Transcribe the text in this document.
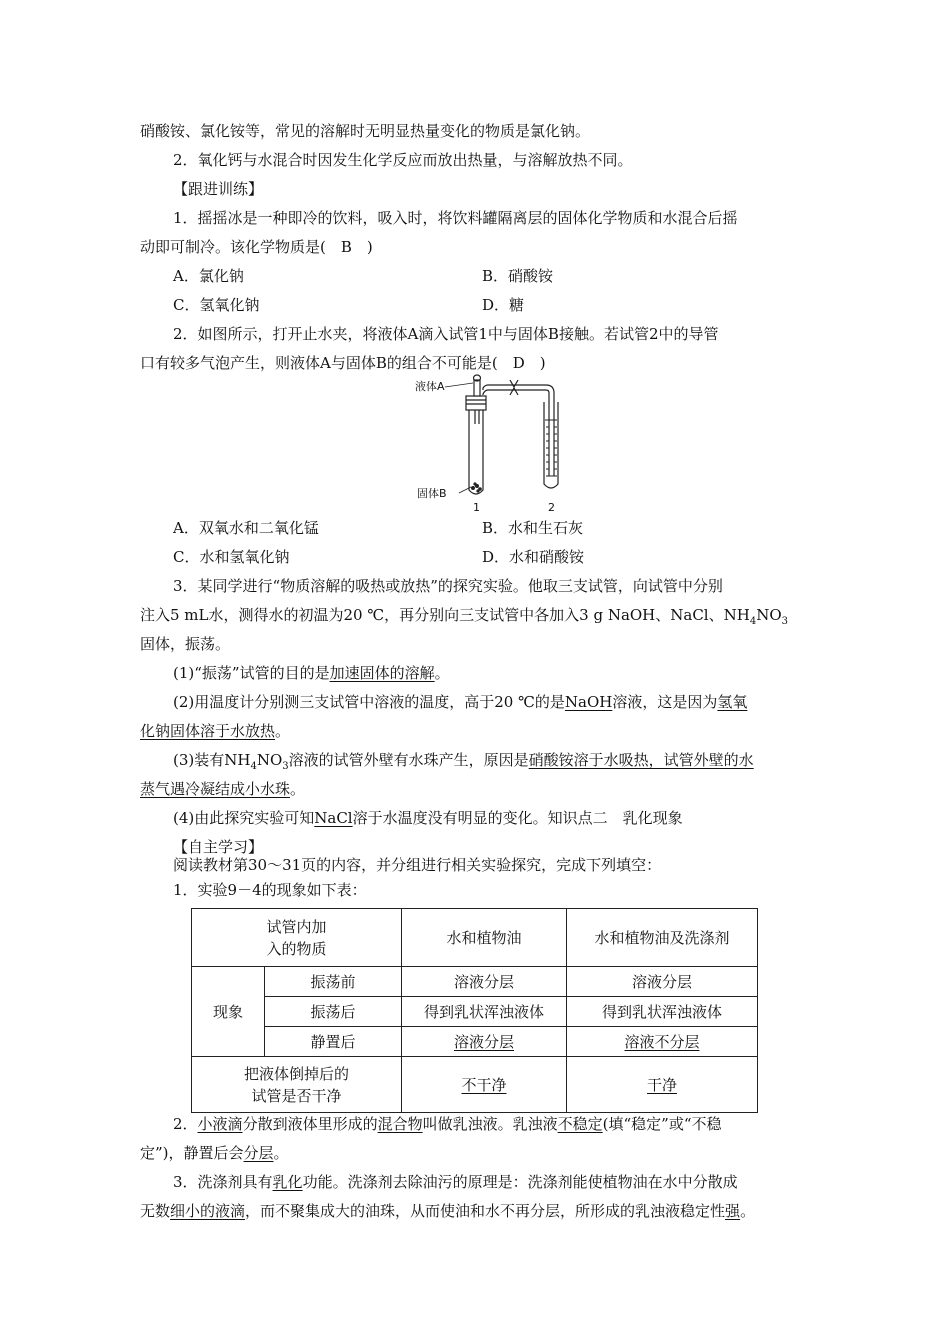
硝酸铵、氯化铵等，常见的溶解时无明显热量变化的物质是氯化钠。
2．氧化钙与水混合时因发生化学反应而放出热量，与溶解放热不同。
【跟进训练】
1．摇摇冰是一种即冷的饮料，吸入时，将饮料罐隔离层的固体化学物质和水混合后摇
动即可制冷。该化学物质是(　B　)
A．氯化钠	B．硝酸铵
C．氢氧化钠	D．糖
2．如图所示，打开止水夹，将液体A滴入试管1中与固体B接触。若试管2中的导管
口有较多气泡产生，则液体A与固体B的组合不可能是(　D　)
液体A
固体B
1	2
A．双氧水和二氧化锰	B．水和生石灰
C．水和氢氧化钠	D．水和硝酸铵
3．某同学进行“物质溶解的吸热或放热”的探究实验。他取三支试管，向试管中分别
注入5 mL水，测得水的初温为20 ℃，再分别向三支试管中各加入3 g NaOH、NaCl、$NH_4NO_3$
固体，振荡。
(1)“振荡”试管的目的是加速固体的溶解。
(2)用温度计分别测三支试管中溶液的温度，高于20 ℃的是NaOH溶液，这是因为氢氧
化钠固体溶于水放热。
(3)装有$NH_4NO_3$溶液的试管外壁有水珠产生，原因是硝酸铵溶于水吸热，试管外壁的水
蒸气遇冷凝结成小水珠。
(4)由此探究实验可知NaCl溶于水温度没有明显的变化。知识点二　乳化现象
【自主学习】
阅读教材第30～31页的内容，并分组进行相关实验探究，完成下列填空：
1．实验9－4的现象如下表：
试管内加
入的物质		水和植物油	水和植物油及洗涤剂
现象	振荡前	溶液分层	溶液分层
	振荡后	得到乳状浑浊液体	得到乳状浑浊液体
	静置后	溶液分层	溶液不分层
把液体倒掉后的
试管是否干净		不干净	干净
2．小液滴分散到液体里形成的混合物叫做乳浊液。乳浊液不稳定(填“稳定”或“不稳
定”)，静置后会分层。
3．洗涤剂具有乳化功能。洗涤剂去除油污的原理是：洗涤剂能使植物油在水中分散成
无数细小的液滴，而不聚集成大的油珠，从而使油和水不再分层，所形成的乳浊液稳定性强。
